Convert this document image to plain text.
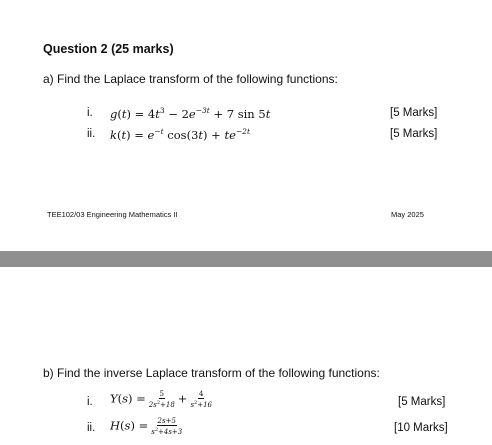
Question 2 (25 marks)
a) Find the Laplace transform of the following functions:
i. $g(t) = 4t^3 - 2e^{-3t} + 7$ sin 5t	[5 Marks]
ii. $k(t) = e^{-t}$ $\cos(3t) + te^{-2t}$	[5 Marks]
TEE102/03 Engineering Mathematics II	May 2025
b) Find the inverse Laplace transform of the following functions:
i. $Y(s) = \frac{5}{2s^2+18} + \frac{4}{s^2+16}$	[5 Marks]
ii. $H(s) = \frac{2s+5}{s^2+4s+3}$	[10 Marks]
